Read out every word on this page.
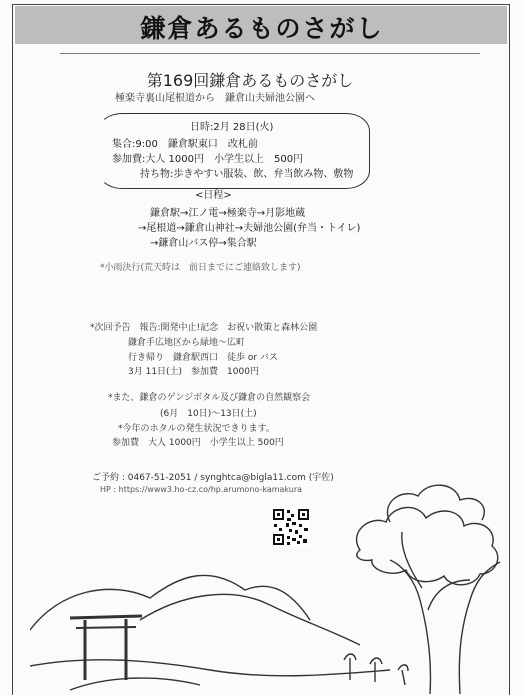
鎌倉あるものさがし
第169回鎌倉あるものさがし
極楽寺裏山尾根道から　鎌倉山夫婦池公園へ
日時:2月 28日(火)
集合:9:00　鎌倉駅東口　改札前
参加費:大人 1000円　小学生以上　500円
持ち物:歩きやすい服装、飲、弁当飲み物、敷物
<日程>
鎌倉駅→江ノ電→極楽寺→月影地蔵
→尾根道→鎌倉山神社→夫婦池公園(弁当・トイレ)
→鎌倉山バス停→集合駅
*小雨決行(荒天時は　前日までにご連絡致します)
*次回予告　報告:開発中止!記念　お祝い散策と森林公園
鎌倉手広地区から緑地～広町
行き帰り　鎌倉駅西口　徒歩 or バス
3月 11日(土)　参加費　1000円
*また、鎌倉のゲンジボタル及び鎌倉の自然観察会
(6月　10日)～13日(土)
*今年のホタルの発生状況できります。
参加費　大人 1000円　小学生以上 500円
ご予約 : 0467-51-2051 / synghtca@bigla11.com (宇佐)
HP : https://www3.ho-cz.co/hp.arumono-kamakura
